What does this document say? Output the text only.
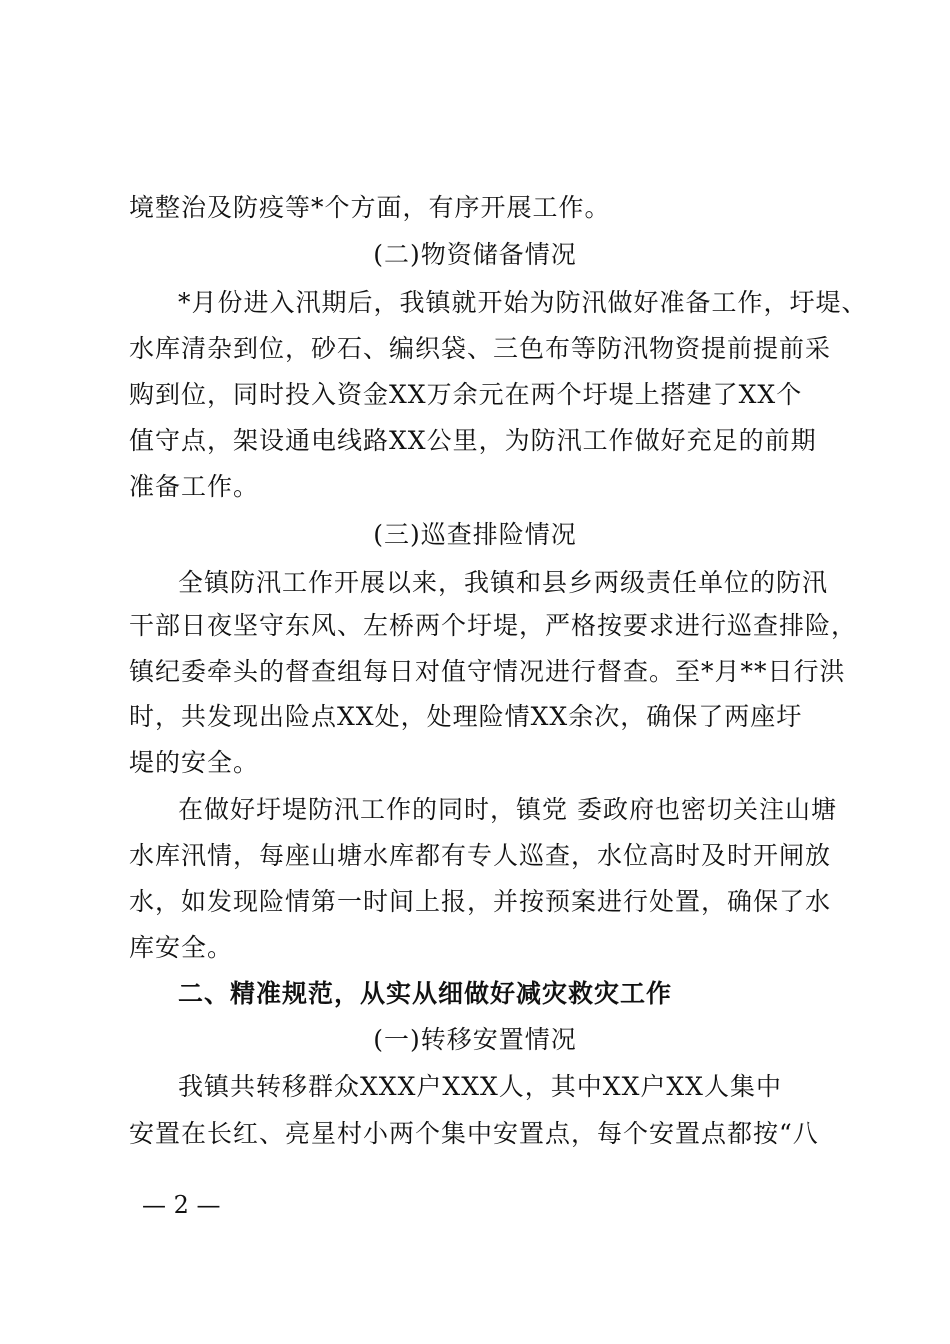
境整治及防疫等*个方面，有序开展工作。
(二)物资储备情况
*月份进入汛期后，我镇就开始为防汛做好准备工作，圩堤、
水库清杂到位，砂石、编织袋、三色布等防汛物资提前提前采
购到位，同时投入资金XX万余元在两个圩堤上搭建了XX个
值守点，架设通电线路XX公里，为防汛工作做好充足的前期
准备工作。
(三)巡查排险情况
全镇防汛工作开展以来，我镇和县乡两级责任单位的防汛
干部日夜坚守东风、左桥两个圩堤，严格按要求进行巡查排险，
镇纪委牵头的督查组每日对值守情况进行督查。至*月**日行洪
时，共发现出险点XX处，处理险情XX余次，确保了两座圩
堤的安全。
在做好圩堤防汛工作的同时，镇党 委政府也密切关注山塘
水库汛情，每座山塘水库都有专人巡查，水位高时及时开闸放
水，如发现险情第一时间上报，并按预案进行处置，确保了水
库安全。
二、精准规范，从实从细做好减灾救灾工作
(一)转移安置情况
我镇共转移群众XXX户XXX人，其中XX户XX人集中
安置在长红、亮星村小两个集中安置点，每个安置点都按“八
— 2 —
